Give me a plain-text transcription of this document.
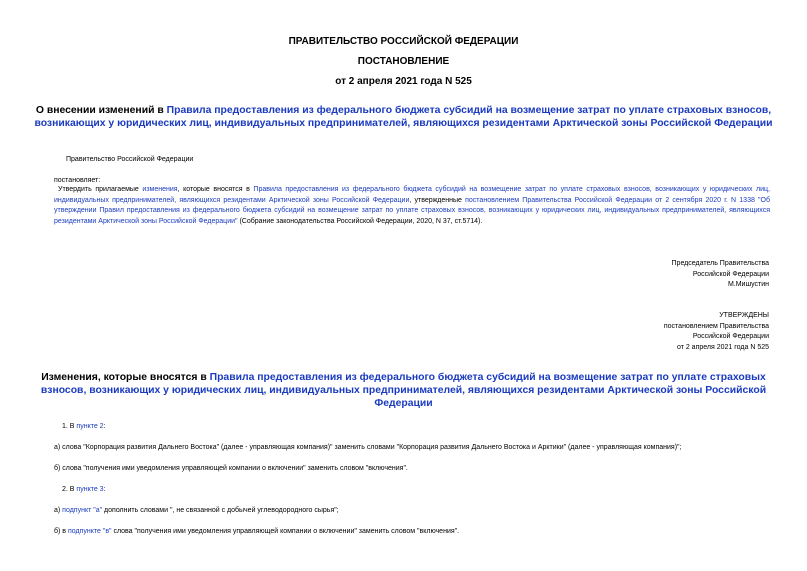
ПРАВИТЕЛЬСТВО РОССИЙСКОЙ ФЕДЕРАЦИИ
ПОСТАНОВЛЕНИЕ
от 2 апреля 2021 года N 525
О внесении изменений в Правила предоставления из федерального бюджета субсидий на возмещение затрат по уплате страховых взносов, возникающих у юридических лиц, индивидуальных предпринимателей, являющихся резидентами Арктической зоны Российской Федерации
Правительство Российской Федерации
постановляет:
Утвердить прилагаемые изменения, которые вносятся в Правила предоставления из федерального бюджета субсидий на возмещение затрат по уплате страховых взносов, возникающих у юридических лиц, индивидуальных предпринимателей, являющихся резидентами Арктической зоны Российской Федерации, утвержденные постановлением Правительства Российской Федерации от 2 сентября 2020 г. N 1338 "Об утверждении Правил предоставления из федерального бюджета субсидий на возмещение затрат по уплате страховых взносов, возникающих у юридических лиц, индивидуальных предпринимателей, являющихся резидентами Арктической зоны Российской Федерации" (Собрание законодательства Российской Федерации, 2020, N 37, ст.5714).
Председатель Правительства
Российской Федерации
М.Мишустин
УТВЕРЖДЕНЫ
постановлением Правительства
Российской Федерации
от 2 апреля 2021 года N 525
Изменения, которые вносятся в Правила предоставления из федерального бюджета субсидий на возмещение затрат по уплате страховых взносов, возникающих у юридических лиц, индивидуальных предпринимателей, являющихся резидентами Арктической зоны Российской Федерации
1. В пункте 2:
а) слова "Корпорация развития Дальнего Востока" (далее - управляющая компания)" заменить словами "Корпорация развития Дальнего Востока и Арктики" (далее - управляющая компания)";
б) слова "получения ими уведомления управляющей компании о включении" заменить словом "включения".
2. В пункте 3:
а) подпункт "а" дополнить словами ", не связанной с добычей углеводородного сырья";
б) в подпункте "в" слова "получения ими уведомления управляющей компании о включении" заменить словом "включения".
